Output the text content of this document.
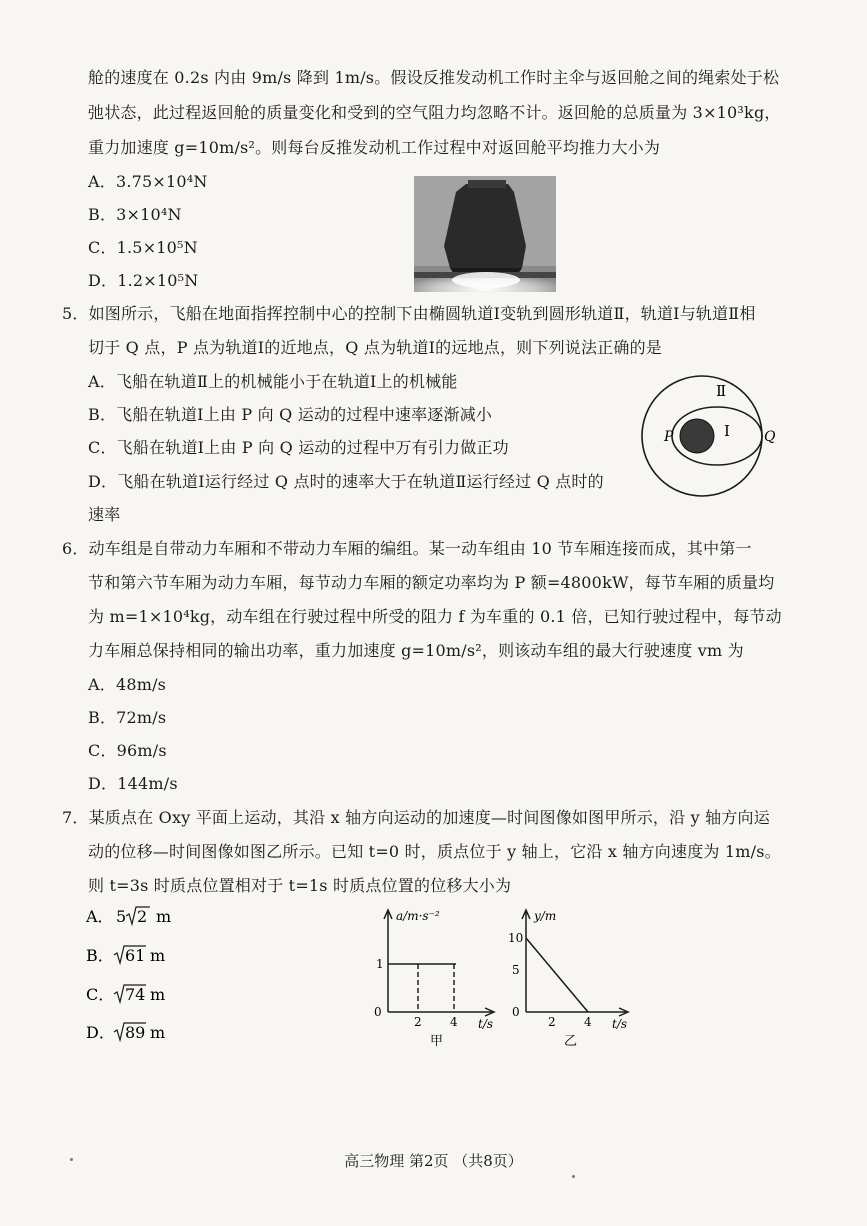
舱的速度在 0.2s 内由 9m/s 降到 1m/s。假设反推发动机工作时主伞与返回舱之间的绳索处于松
弛状态，此过程返回舱的质量变化和受到的空气阻力均忽略不计。返回舱的总质量为 3×10³kg，
重力加速度 g=10m/s²。则每台反推发动机工作过程中对返回舱平均推力大小为
A．3.75×10⁴N
B．3×10⁴N
C．1.5×10⁵N
D．1.2×10⁵N
5．如图所示，飞船在地面指挥控制中心的控制下由椭圆轨道Ⅰ变轨到圆形轨道Ⅱ，轨道Ⅰ与轨道Ⅱ相
切于 Q 点，P 点为轨道Ⅰ的近地点，Q 点为轨道Ⅰ的远地点，则下列说法正确的是
A．飞船在轨道Ⅱ上的机械能小于在轨道Ⅰ上的机械能
B．飞船在轨道Ⅰ上由 P 向 Q 运动的过程中速率逐渐减小
C．飞船在轨道Ⅰ上由 P 向 Q 运动的过程中万有引力做正功
D．飞船在轨道Ⅰ运行经过 Q 点时的速率大于在轨道Ⅱ运行经过 Q 点时的
速率
Ⅱ
I
P	Q
6．动车组是自带动力车厢和不带动力车厢的编组。某一动车组由 10 节车厢连接而成，其中第一
节和第六节车厢为动力车厢，每节动力车厢的额定功率均为 P 额=4800kW，每节车厢的质量均
为 m=1×10⁴kg，动车组在行驶过程中所受的阻力 f 为车重的 0.1 倍，已知行驶过程中，每节动
力车厢总保持相同的输出功率，重力加速度 g=10m/s²，则该动车组的最大行驶速度 vm 为
A．48m/s
B．72m/s
C．96m/s
D．144m/s
7．某质点在 Oxy 平面上运动，其沿 x 轴方向运动的加速度—时间图像如图甲所示，沿 y 轴方向运
动的位移—时间图像如图乙所示。已知 t=0 时，质点位于 y 轴上，它沿 x 轴方向速度为 1m/s。
则 t=3s 时质点位置相对于 t=1s 时质点位置的位移大小为
A． 5 2 m
B． 61 m
C． 74 m
D． 89 m
a/m·s⁻²
1
0
2 4 t/s
甲
y/m
10
5
0
2 4 t/s
乙
高三物理 第2页 （共8页）
